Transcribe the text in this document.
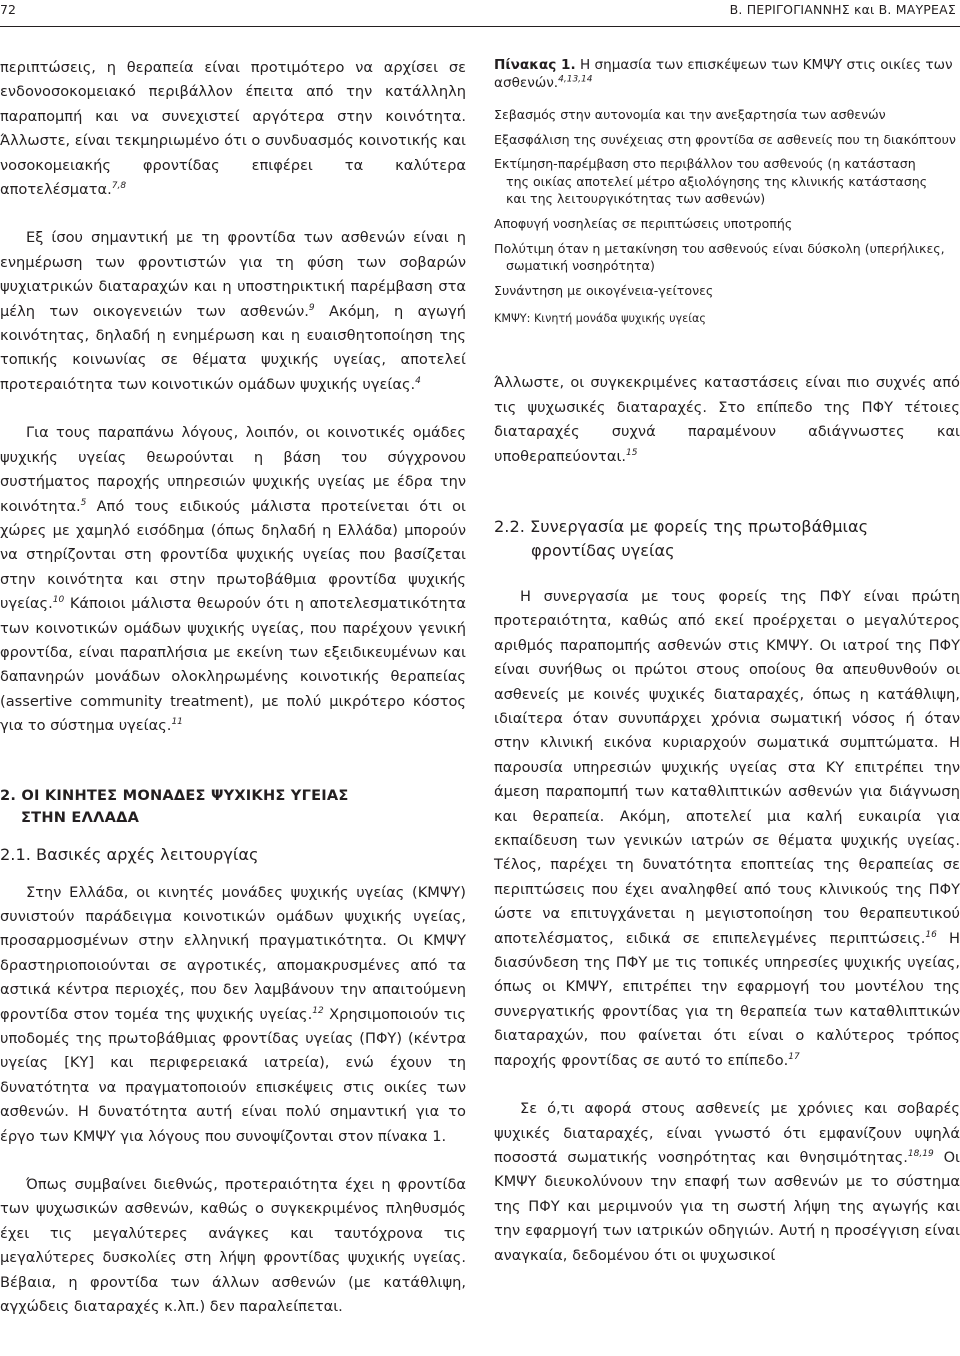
72	Β. ΠΕΡΙΓΟΓΙΑΝΝΗΣ και Β. ΜΑΥΡΕΑΣ

περιπτώσεις, η θεραπεία είναι προτιμότερο να αρχίσει σε ενδονοσοκομειακό περιβάλλον έπειτα από την κατάλληλη παραπομπή και να συνεχιστεί αργότερα στην κοινότητα. Άλλωστε, είναι τεκμηριωμένο ότι ο συνδυασμός κοινοτικής και νοσοκομειακής φροντίδας επιφέρει τα καλύτερα αποτελέσματα.$^{7,8}$

Εξ ίσου σημαντική με τη φροντίδα των ασθενών είναι η ενημέρωση των φροντιστών για τη φύση των σοβαρών ψυχιατρικών διαταραχών και η υποστηρικτική παρέμβαση στα μέλη των οικογενειών των ασθενών.$^9$ Ακόμη, η αγωγή κοινότητας, δηλαδή η ενημέρωση και η ευαισθητοποίηση της τοπικής κοινωνίας σε θέματα ψυχικής υγείας, αποτελεί προτεραιότητα των κοινοτικών ομάδων ψυχικής υγείας.$^4$

Για τους παραπάνω λόγους, λοιπόν, οι κοινοτικές ομάδες ψυχικής υγείας θεωρούνται η βάση του σύγχρονου συστήματος παροχής υπηρεσιών ψυχικής υγείας με έδρα την κοινότητα.$^5$ Από τους ειδικούς μάλιστα προτείνεται ότι οι χώρες με χαμηλό εισόδημα (όπως δηλαδή η Ελλάδα) μπορούν να στηρίζονται στη φροντίδα ψυχικής υγείας που βασίζεται στην κοινότητα και στην πρωτοβάθμια φροντίδα ψυχικής υγείας.$^{10}$ Κάποιοι μάλιστα θεωρούν ότι η αποτελεσματικότητα των κοινοτικών ομάδων ψυχικής υγείας, που παρέχουν γενική φροντίδα, είναι παραπλήσια με εκείνη των εξειδικευμένων και δαπανηρών μονάδων ολοκληρωμένης κοινοτικής θεραπείας (assertive community treatment), με πολύ μικρότερο κόστος για το σύστημα υγείας.$^{11}$

2. ΟΙ ΚΙΝΗΤΕΣ ΜΟΝΑΔΕΣ ΨΥΧΙΚΗΣ ΥΓΕΙΑΣ
ΣΤΗΝ ΕΛΛΑΔΑ
2.1. Βασικές αρχές λειτουργίας

Στην Ελλάδα, οι κινητές μονάδες ψυχικής υγείας (ΚΜΨΥ) συνιστούν παράδειγμα κοινοτικών ομάδων ψυχικής υγείας, προσαρμοσμένων στην ελληνική πραγματικότητα. Οι ΚΜΨΥ δραστηριοποιούνται σε αγροτικές, απομακρυσμένες από τα αστικά κέντρα περιοχές, που δεν λαμβάνουν την απαιτούμενη φροντίδα στον τομέα της ψυχικής υγείας.$^{12}$ Χρησιμοποιούν τις υποδομές της πρωτοβάθμιας φροντίδας υγείας (ΠΦΥ) (κέντρα υγείας [ΚΥ] και περιφερειακά ιατρεία), ενώ έχουν τη δυνατότητα να πραγματοποιούν επισκέψεις στις οικίες των ασθενών. Η δυνατότητα αυτή είναι πολύ σημαντική για το έργο των ΚΜΨΥ για λόγους που συνοψίζονται στον πίνακα 1.

Όπως συμβαίνει διεθνώς, προτεραιότητα έχει η φροντίδα των ψυχωσικών ασθενών, καθώς ο συγκεκριμένος πληθυσμός έχει τις μεγαλύτερες ανάγκες και ταυτόχρονα τις μεγαλύτερες δυσκολίες στη λήψη φροντίδας ψυχικής υγείας. Βέβαια, η φροντίδα των άλλων ασθενών (με κατάθλιψη, αγχώδεις διαταραχές κ.λπ.) δεν παραλείπεται.

Πίνακας 1. Η σημασία των επισκέψεων των ΚΜΨΥ στις οικίες των ασθενών.$^{4,13,14}$
Σεβασμός στην αυτονομία και την ανεξαρτησία των ασθενών
Εξασφάλιση της συνέχειας στη φροντίδα σε ασθενείς που τη διακόπτουν
Εκτίμηση-παρέμβαση στο περιβάλλον του ασθενούς (η κατάσταση
της οικίας αποτελεί μέτρο αξιολόγησης της κλινικής κατάστασης
και της λειτουργικότητας των ασθενών)
Αποφυγή νοσηλείας σε περιπτώσεις υποτροπής
Πολύτιμη όταν η μετακίνηση του ασθενούς είναι δύσκολη (υπερήλικες,
σωματική νοσηρότητα)
Συνάντηση με οικογένεια-γείτονες
ΚΜΨΥ: Κινητή μονάδα ψυχικής υγείας

Άλλωστε, οι συγκεκριμένες καταστάσεις είναι πιο συχνές από τις ψυχωσικές διαταραχές. Στο επίπεδο της ΠΦΥ τέτοιες διαταραχές συχνά παραμένουν αδιάγνωστες και υποθεραπεύονται.$^{15}$

2.2. Συνεργασία με φορείς της πρωτοβάθμιας
φροντίδας υγείας

Η συνεργασία με τους φορείς της ΠΦΥ είναι πρώτη προτεραιότητα, καθώς από εκεί προέρχεται ο μεγαλύτερος αριθμός παραπομπής ασθενών στις ΚΜΨΥ. Οι ιατροί της ΠΦΥ είναι συνήθως οι πρώτοι στους οποίους θα απευθυνθούν οι ασθενείς με κοινές ψυχικές διαταραχές, όπως η κατάθλιψη, ιδιαίτερα όταν συνυπάρχει χρόνια σωματική νόσος ή όταν στην κλινική εικόνα κυριαρχούν σωματικά συμπτώματα. Η παρουσία υπηρεσιών ψυχικής υγείας στα ΚΥ επιτρέπει την άμεση παραπομπή των καταθλιπτικών ασθενών για διάγνωση και θεραπεία. Ακόμη, αποτελεί μια καλή ευκαιρία για εκπαίδευση των γενικών ιατρών σε θέματα ψυχικής υγείας. Τέλος, παρέχει τη δυνατότητα εποπτείας της θεραπείας σε περιπτώσεις που έχει αναληφθεί από τους κλινικούς της ΠΦΥ ώστε να επιτυγχάνεται η μεγιστοποίηση του θεραπευτικού αποτελέσματος, ειδικά σε επιπελεγμένες περιπτώσεις.$^{16}$ Η διασύνδεση της ΠΦΥ με τις τοπικές υπηρεσίες ψυχικής υγείας, όπως οι ΚΜΨΥ, επιτρέπει την εφαρμογή του μοντέλου της συνεργατικής φροντίδας για τη θεραπεία των καταθλιπτικών διαταραχών, που φαίνεται ότι είναι ο καλύτερος τρόπος παροχής φροντίδας σε αυτό το επίπεδο.$^{17}$

Σε ό,τι αφορά στους ασθενείς με χρόνιες και σοβαρές ψυχικές διαταραχές, είναι γνωστό ότι εμφανίζουν υψηλά ποσοστά σωματικής νοσηρότητας και θνησιμότητας.$^{18,19}$ Οι ΚΜΨΥ διευκολύνουν την επαφή των ασθενών με το σύστημα της ΠΦΥ και μεριμνούν για τη σωστή λήψη της αγωγής και την εφαρμογή των ιατρικών οδηγιών. Αυτή η προσέγγιση είναι αναγκαία, δεδομένου ότι οι ψυχωσικοί
